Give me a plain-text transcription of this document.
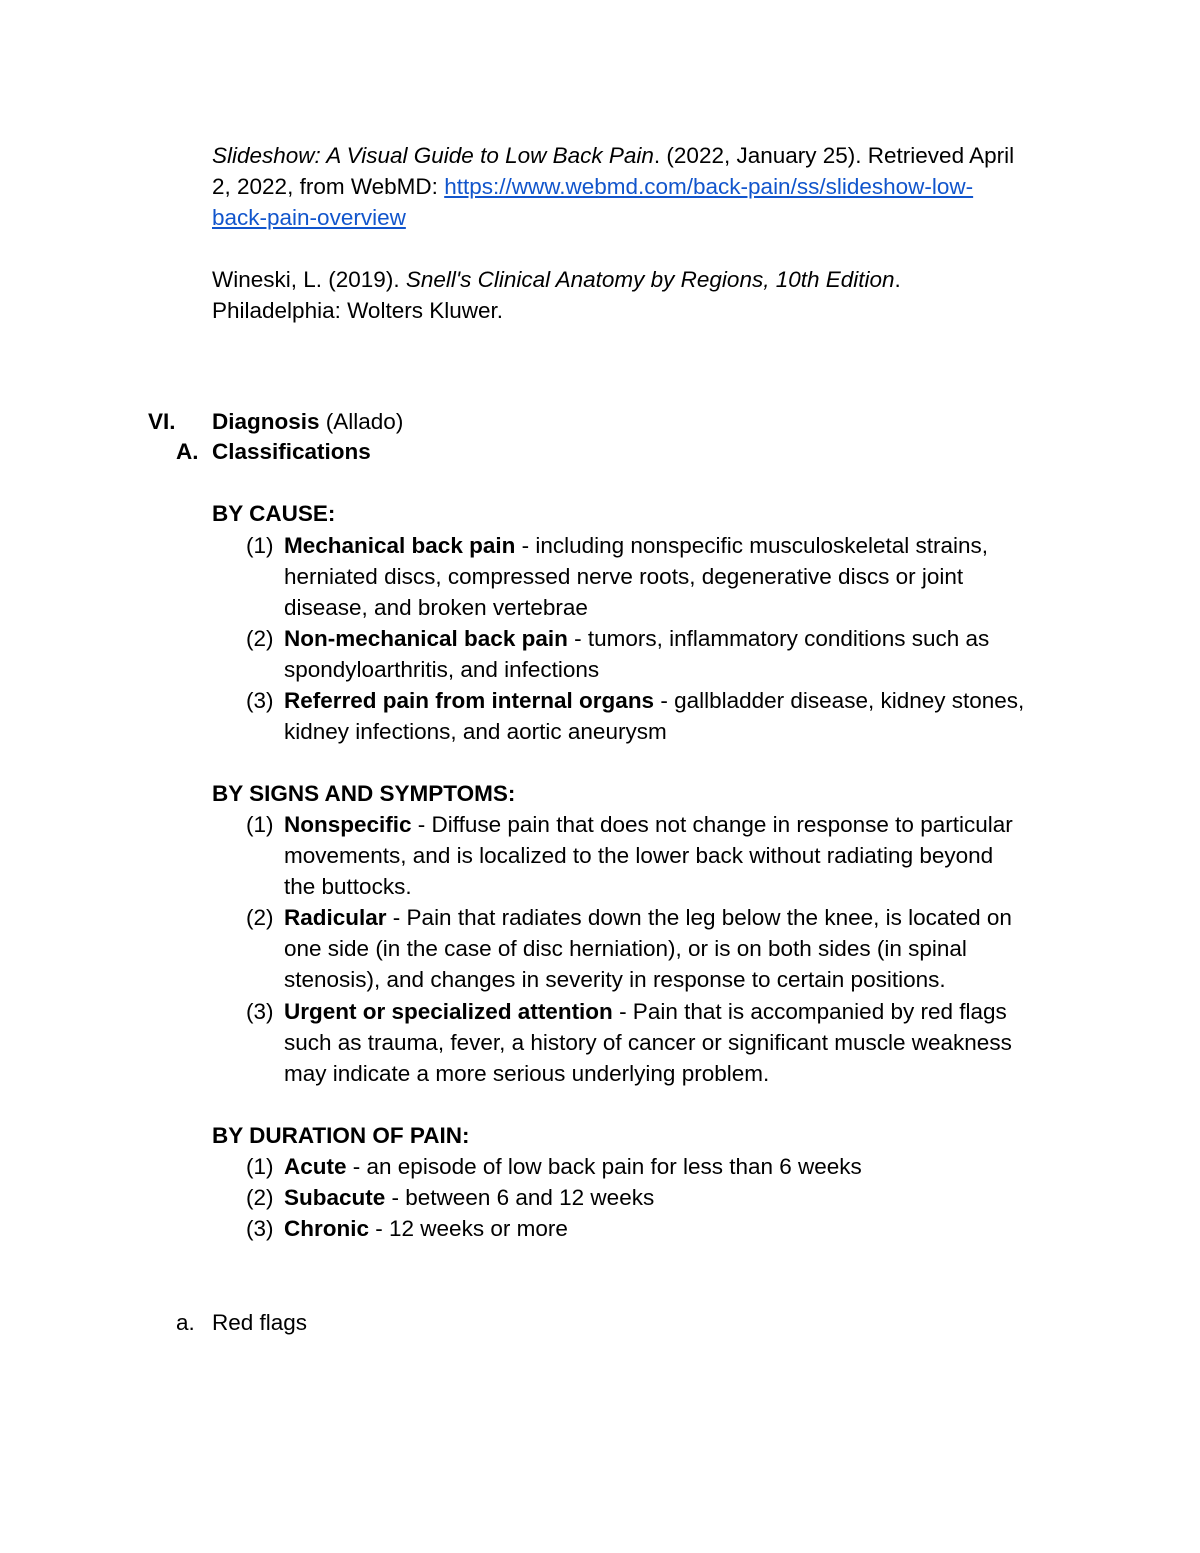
Slideshow: A Visual Guide to Low Back Pain. (2022, January 25). Retrieved April
2, 2022, from WebMD: https://www.webmd.com/back-pain/ss/slideshow-low-
back-pain-overview
Wineski, L. (2019). Snell's Clinical Anatomy by Regions, 10th Edition.
Philadelphia: Wolters Kluwer.
VI. Diagnosis (Allado)
A. Classifications
BY CAUSE:
(1) Mechanical back pain - including nonspecific musculoskeletal strains,
herniated discs, compressed nerve roots, degenerative discs or joint
disease, and broken vertebrae
(2) Non-mechanical back pain - tumors, inflammatory conditions such as
spondyloarthritis, and infections
(3) Referred pain from internal organs - gallbladder disease, kidney stones,
kidney infections, and aortic aneurysm
BY SIGNS AND SYMPTOMS:
(1) Nonspecific - Diffuse pain that does not change in response to particular
movements, and is localized to the lower back without radiating beyond
the buttocks.
(2) Radicular - Pain that radiates down the leg below the knee, is located on
one side (in the case of disc herniation), or is on both sides (in spinal
stenosis), and changes in severity in response to certain positions.
(3) Urgent or specialized attention - Pain that is accompanied by red flags
such as trauma, fever, a history of cancer or significant muscle weakness
may indicate a more serious underlying problem.
BY DURATION OF PAIN:
(1) Acute - an episode of low back pain for less than 6 weeks
(2) Subacute - between 6 and 12 weeks
(3) Chronic - 12 weeks or more
a. Red flags
